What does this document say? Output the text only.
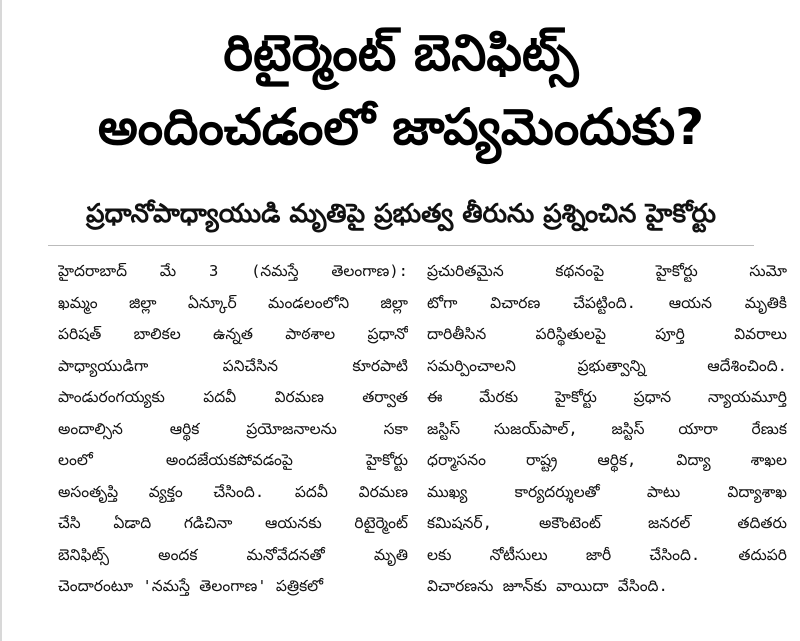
రిటైర్మెంట్ బెనిఫిట్స్
అందించడంలో జాప్యమెందుకు?
ప్రధానోపాధ్యాయుడి మృతిపై ప్రభుత్వ తీరును ప్రశ్నించిన హైకోర్టు
హైదరాబాద్ మే 3 (నమస్తే తెలంగాణ):
ఖమ్మం జిల్లా ఏన్కూర్ మండలంలోని జిల్లా
పరిషత్ బాలికల ఉన్నత పాఠశాల ప్రధానో
పాధ్యాయుడిగా పనిచేసిన కూరపాటి
పాండురంగయ్యకు పదవీ విరమణ తర్వాత
అందాల్సిన ఆర్థిక ప్రయోజనాలను సకా
లంలో అందజేయకపోవడంపై హైకోర్టు
అసంతృప్తి వ్యక్తం చేసింది. పదవీ విరమణ
చేసి ఏడాది గడిచినా ఆయనకు రిటైర్మెంట్
బెనిఫిట్స్ అందక మనోవేదనతో మృతి
చెందారంటూ 'నమస్తే తెలంగాణ' పత్రికలో
ప్రచురితమైన కథనంపై హైకోర్టు సుమో
టోగా విచారణ చేపట్టింది. ఆయన మృతికి
దారితీసిన పరిస్థితులపై పూర్తి వివరాలు
సమర్పించాలని ప్రభుత్వాన్ని ఆదేశించింది.
ఈ మేరకు హైకోర్టు ప్రధాన న్యాయమూర్తి
జస్టిస్ సుజయ్‌పాల్, జస్టిస్ యారా రేణుక
ధర్మాసనం రాష్ట్ర ఆర్థిక, విద్యా శాఖల
ముఖ్య కార్యదర్శులతో పాటు విద్యాశాఖ
కమిషనర్, అకౌంటెంట్ జనరల్ తదితరు
లకు నోటీసులు జారీ చేసింది. తదుపరి
విచారణను జూన్‌కు వాయిదా వేసింది.
